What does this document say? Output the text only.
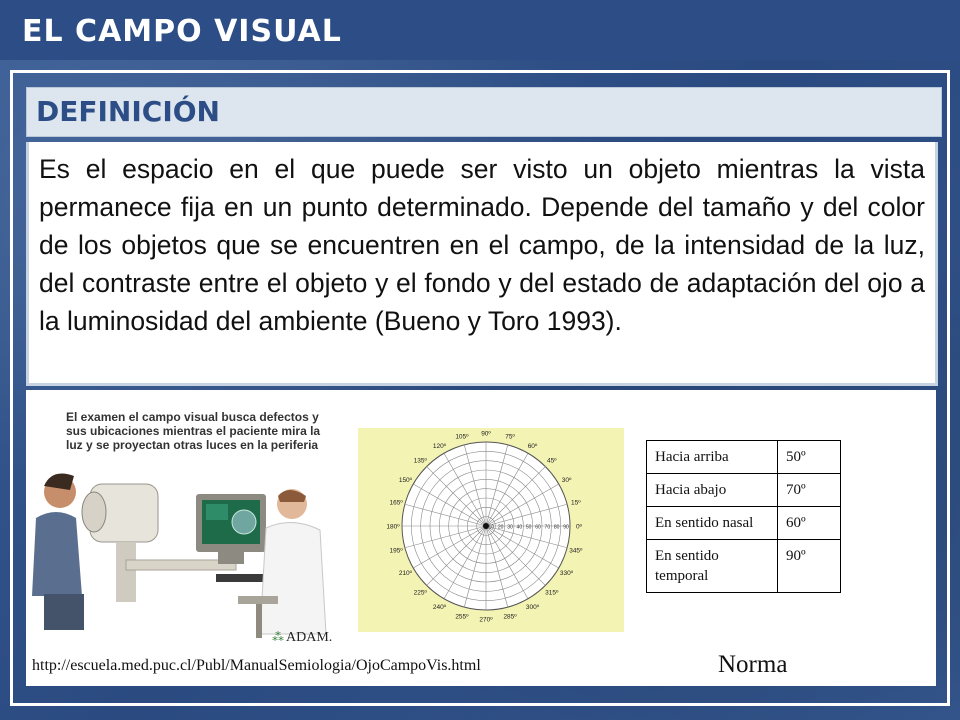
EL CAMPO VISUAL
DEFINICIÓN

Es el espacio en el que puede ser visto un objeto mientras la vista permanece fija en un punto determinado. Depende del tamaño y del color de los objetos que se encuentren en el campo, de la intensidad de la luz, del contraste entre el objeto y el fondo y del estado de adaptación del ojo a la luminosidad del ambiente (Bueno y Toro 1993).

El examen el campo visual busca defectos y sus ubicaciones mientras el paciente mira la luz y se proyectan otras luces en la periferia
⁂ ADAM.
0º
15º
30º
45º
60º
75º
90º
105º
120º
135º
150º
165º
180º
195º
210º
225º
240º
255º 270º 285º
300º
315º
330º
345º
10 20 30 40 50 60 70 80 90
Hacia arriba	50º
Hacia abajo	70º
En sentido nasal	60º
En sentido temporal	90º
http://escuela.med.puc.cl/Publ/ManualSemiologia/OjoCampoVis.html	Norma
